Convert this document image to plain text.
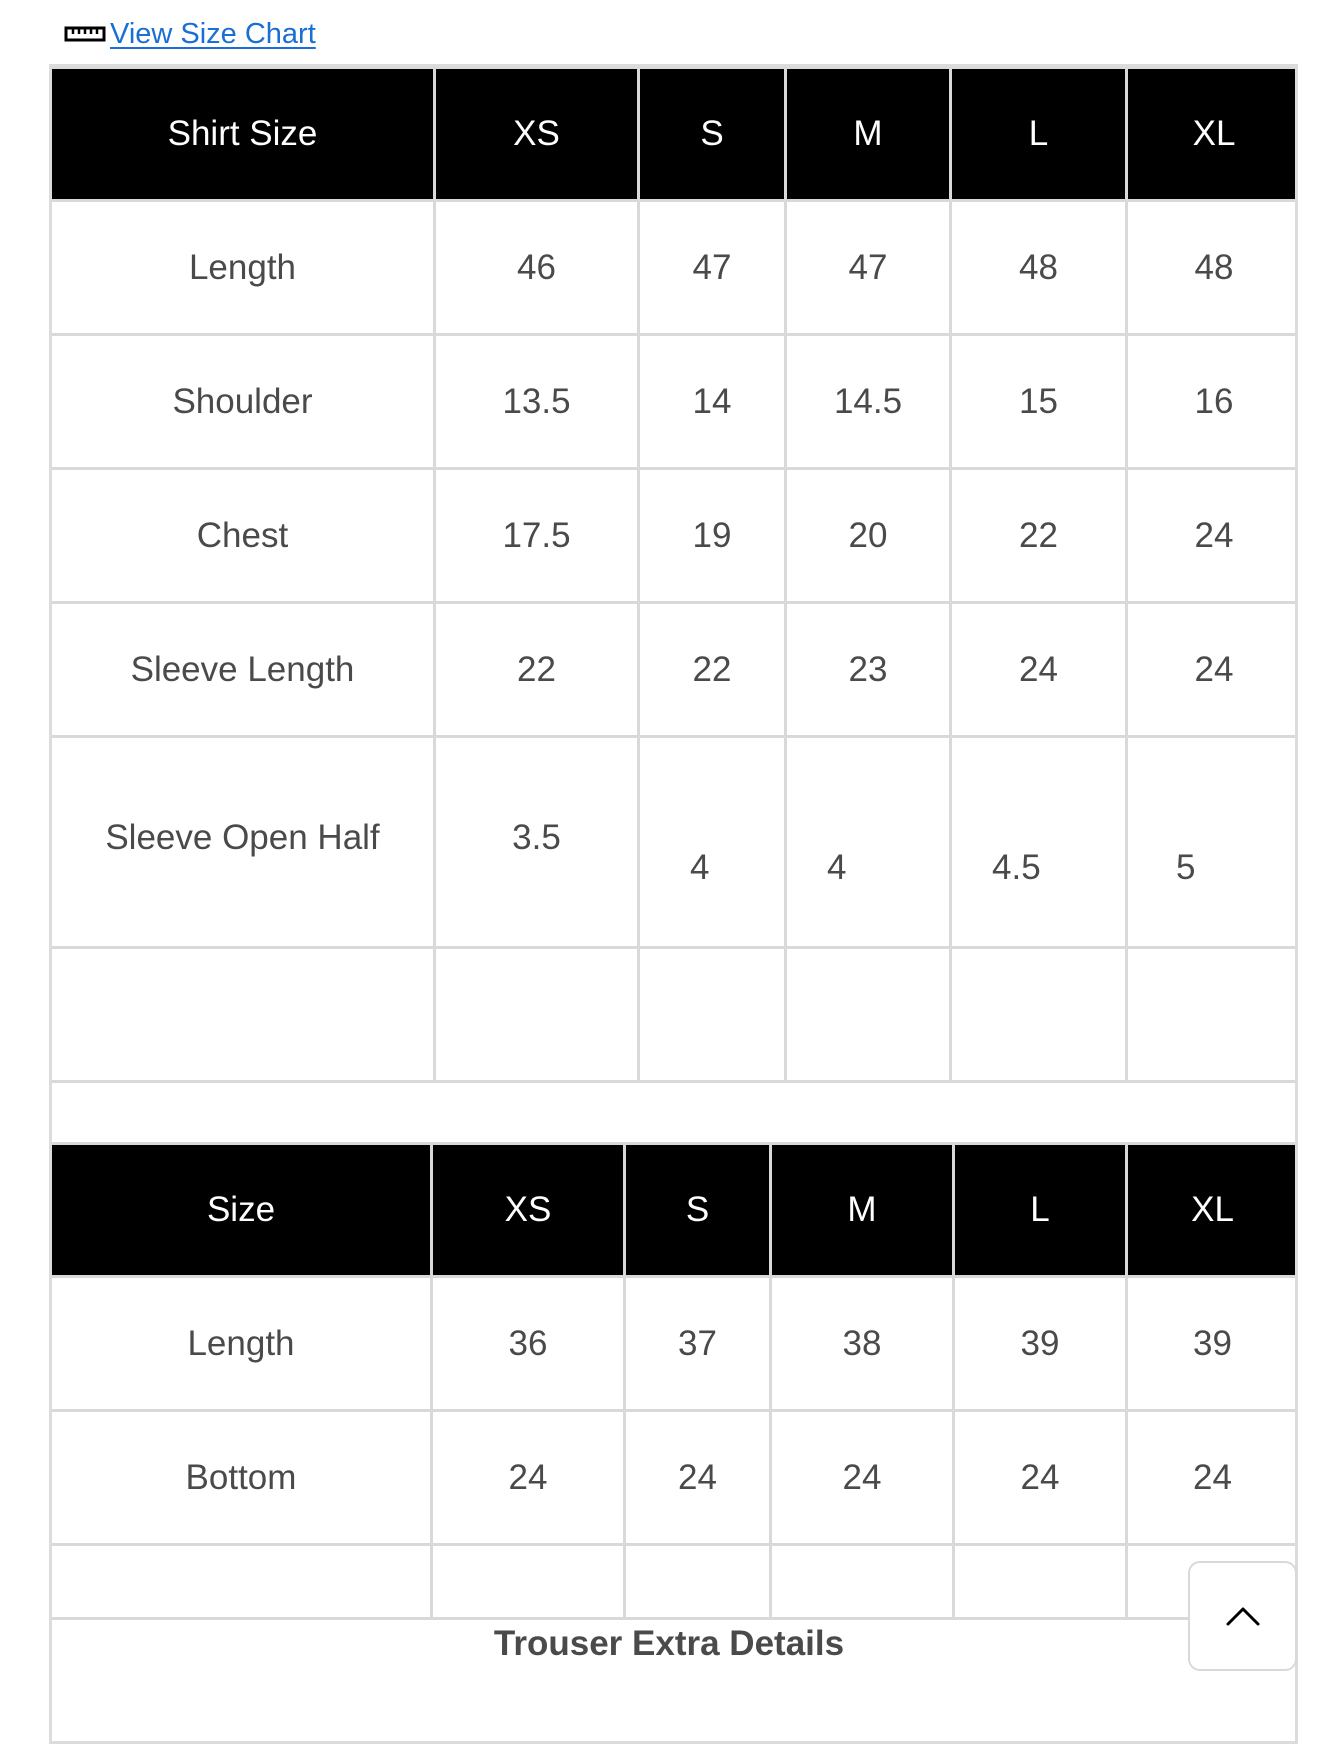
View Size Chart
Shirt Size	XS	S	M	L	XL
Length	46	47	47	48	48
Shoulder	13.5	14	14.5	15	16
Chest	17.5	19	20	22	24
Sleeve Length	22	22	23	24	24
Sleeve Open Half	3.5	4	4	4.5	5

Size	XS	S	M	L	XL
Length	36	37	38	39	39
Bottom	24	24	24	24	24

Trouser Extra Details
